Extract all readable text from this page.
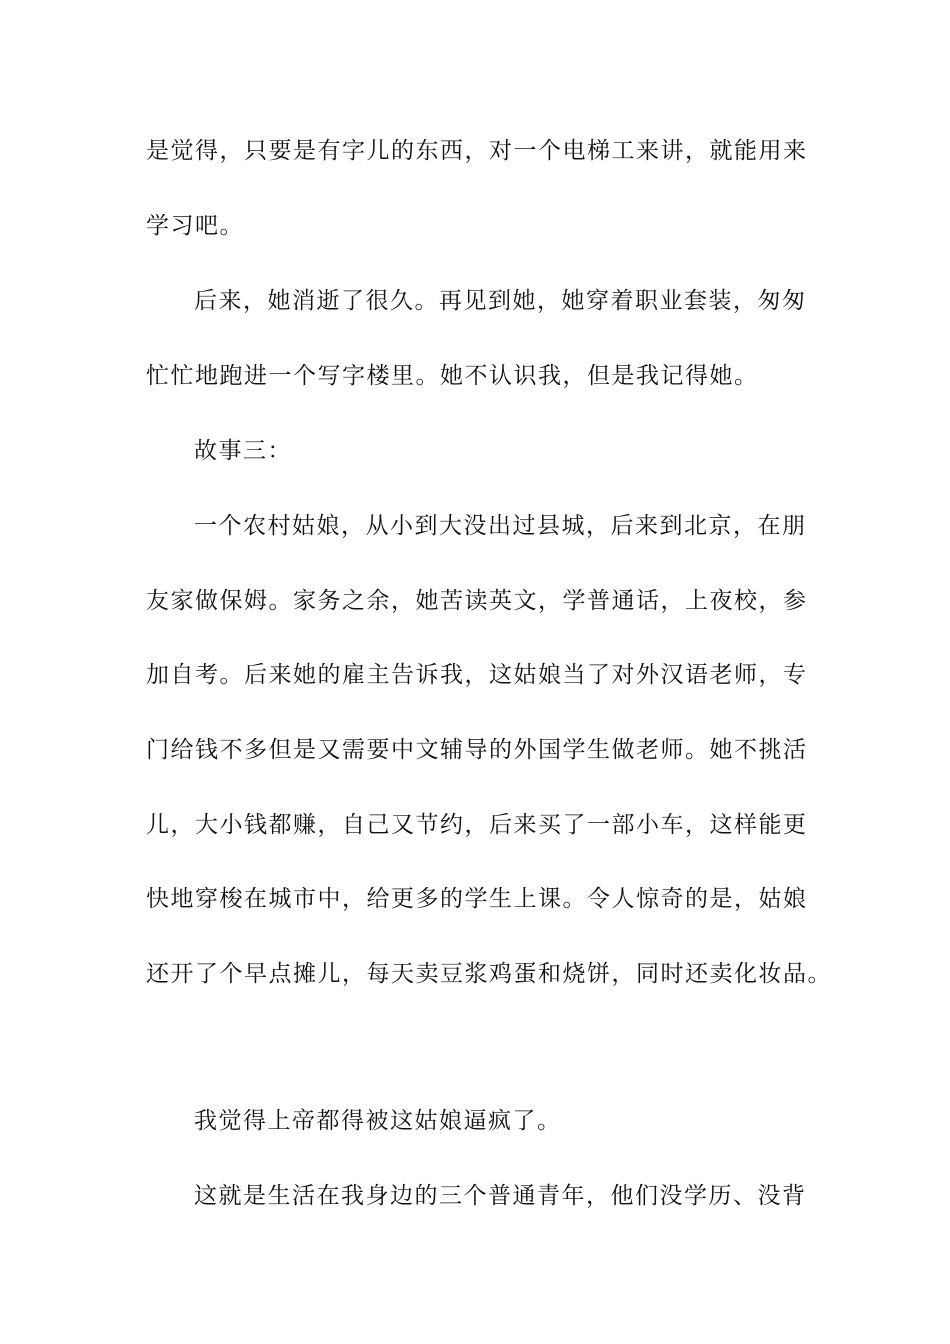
是觉得，只要是有字儿的东西，对一个电梯工来讲，就能用来
学习吧。
后来，她消逝了很久。再见到她，她穿着职业套装，匆匆
忙忙地跑进一个写字楼里。她不认识我，但是我记得她。
故事三：
一个农村姑娘，从小到大没出过县城，后来到北京，在朋
友家做保姆。家务之余，她苦读英文，学普通话，上夜校，参
加自考。后来她的雇主告诉我，这姑娘当了对外汉语老师，专
门给钱不多但是又需要中文辅导的外国学生做老师。她不挑活
儿，大小钱都赚，自己又节约，后来买了一部小车，这样能更
快地穿梭在城市中，给更多的学生上课。令人惊奇的是，姑娘
还开了个早点摊儿，每天卖豆浆鸡蛋和烧饼，同时还卖化妆品。
我觉得上帝都得被这姑娘逼疯了。
这就是生活在我身边的三个普通青年，他们没学历、没背
